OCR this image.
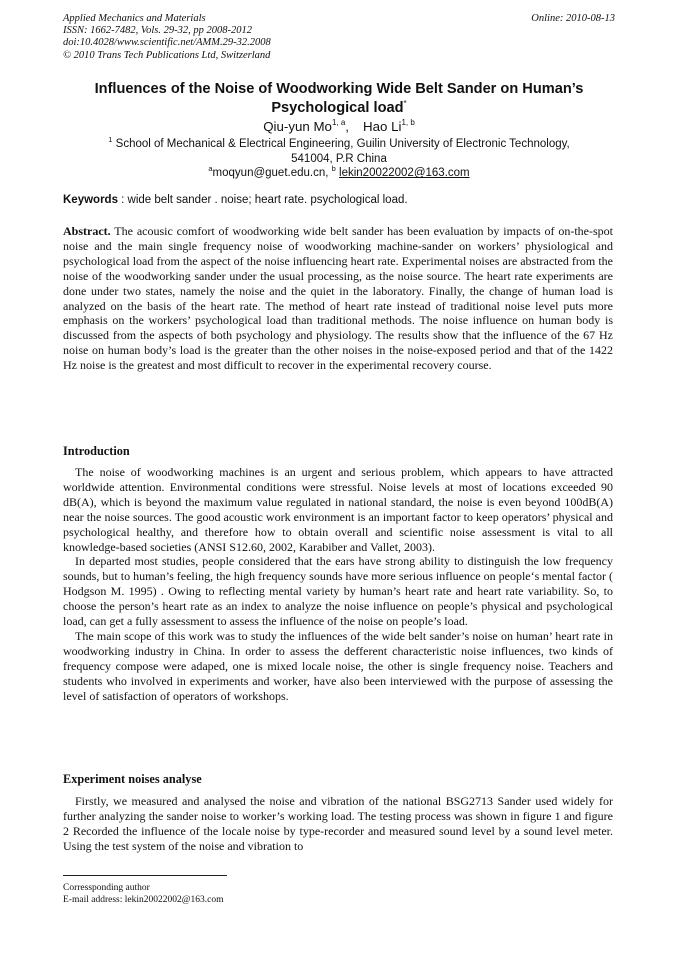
Applied Mechanics and Materials
ISSN: 1662-7482, Vols. 29-32, pp 2008-2012
doi:10.4028/www.scientific.net/AMM.29-32.2008
© 2010 Trans Tech Publications Ltd, Switzerland
Online: 2010-08-13
Influences of the Noise of Woodworking Wide Belt Sander on Human’s
Psychological load*
Qiu-yun Mo$^{1, a}$, Hao Li$^{1, b}$
$^1$ School of Mechanical & Electrical Engineering, Guilin University of Electronic Technology,
541004, P.R China
$^a$moqyun@guet.edu.cn, $^b$ lekin20022002@163.com
Keywords : wide belt sander . noise; heart rate. psychological load.

Abstract. The acousic comfort of woodworking wide belt sander has been evaluation by impacts of on-the-spot noise and the main single frequency noise of woodworking machine-sander on workers’ physiological and psychological load from the aspect of the noise influencing heart rate. Experimental noises are abstracted from the noise of the woodworking sander under the usual processing, as the noise source. The heart rate experiments are done under two states, namely the noise and the quiet in the laboratory. Finally, the change of human load is analyzed on the basis of the heart rate. The method of heart rate instead of traditional noise level puts more emphasis on the workers’ psychological load than traditional methods. The noise influence on human body is discussed from the aspects of both psychology and physiology. The results show that the influence of the 67 Hz noise on human body’s load is the greater than the other noises in the noise-exposed period and that of the 1422 Hz noise is the greatest and most difficult to recover in the experimental recovery course.

Introduction

The noise of woodworking machines is an urgent and serious problem, which appears to have attracted worldwide attention. Environmental conditions were stressful. Noise levels at most of locations exceeded 90 dB(A), which is beyond the maximum value regulated in national standard, the noise is even beyond 100dB(A) near the noise sources. The good acoustic work environment is an important factor to keep operators’ physical and psychological healthy, and therefore how to obtain overall and scientific noise assessment is vital to all knowledge-based societies (ANSI S12.60, 2002, Karabiber and Vallet, 2003).

In departed most studies, people considered that the ears have strong ability to distinguish the low frequency sounds, but to human’s feeling, the high frequency sounds have more serious influence on people‘s mental factor ( Hodgson M. 1995) . Owing to reflecting mental variety by human’s heart rate and heart rate variability. So, to choose the person’s heart rate as an index to analyze the noise influence on people’s physical and psychological load, can get a fully assessment to assess the influence of the noise on people’s load.

The main scope of this work was to study the influences of the wide belt sander’s noise on human’ heart rate in woodworking industry in China. In order to assess the defferent characteristic noise influences, two kinds of frequency compose were adaped, one is mixed locale noise, the other is single frequency noise. Teachers and students who involved in experiments and worker, have also been interviewed with the purpose of assessing the level of satisfaction of operators of workshops.

Experiment noises analyse

Firstly, we measured and analysed the noise and vibration of the national BSG2713 Sander used widely for further analyzing the sander noise to worker’s working load. The testing process was shown in figure 1 and figure 2 Recorded the influence of the locale noise by type-recorder and measured sound level by a sound level meter. Using the test system of the noise and vibration to

Corressponding author
E-mail address: lekin20022002@163.com
